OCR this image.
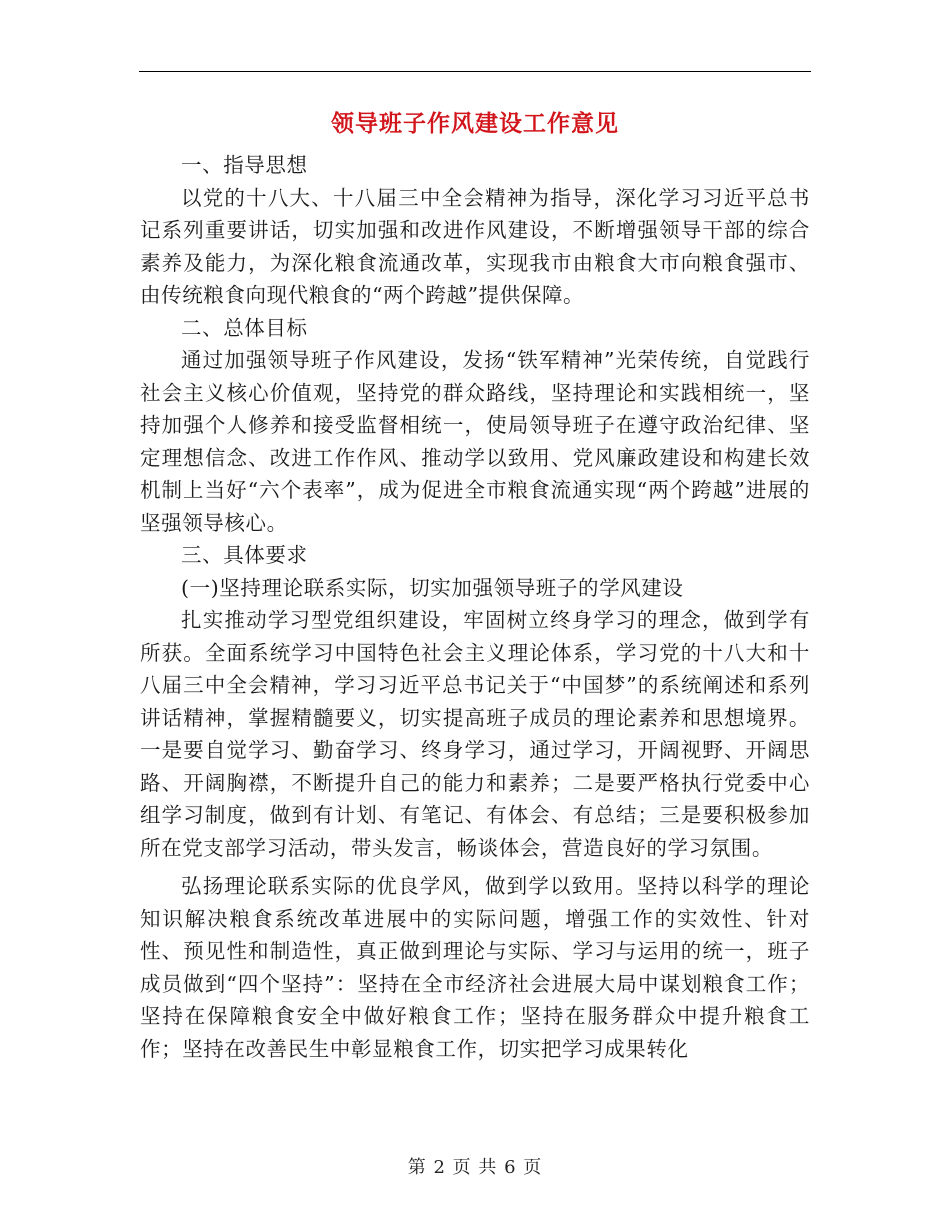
领导班子作风建设工作意见

一、指导思想

以党的十八大、十八届三中全会精神为指导，深化学习习近平总书记系列重要讲话，切实加强和改进作风建设，不断增强领导干部的综合素养及能力，为深化粮食流通改革，实现我市由粮食大市向粮食强市、由传统粮食向现代粮食的“两个跨越”提供保障。

二、总体目标

通过加强领导班子作风建设，发扬“铁军精神”光荣传统，自觉践行社会主义核心价值观，坚持党的群众路线，坚持理论和实践相统一，坚持加强个人修养和接受监督相统一，使局领导班子在遵守政治纪律、坚定理想信念、改进工作作风、推动学以致用、党风廉政建设和构建长效机制上当好“六个表率”，成为促进全市粮食流通实现“两个跨越”进展的坚强领导核心。

三、具体要求

(一)坚持理论联系实际，切实加强领导班子的学风建设

扎实推动学习型党组织建设，牢固树立终身学习的理念，做到学有所获。全面系统学习中国特色社会主义理论体系，学习党的十八大和十八届三中全会精神，学习习近平总书记关于“中国梦”的系统阐述和系列讲话精神，掌握精髓要义，切实提高班子成员的理论素养和思想境界。一是要自觉学习、勤奋学习、终身学习，通过学习，开阔视野、开阔思路、开阔胸襟，不断提升自己的能力和素养；二是要严格执行党委中心组学习制度，做到有计划、有笔记、有体会、有总结；三是要积极参加所在党支部学习活动，带头发言，畅谈体会，营造良好的学习氛围。

弘扬理论联系实际的优良学风，做到学以致用。坚持以科学的理论知识解决粮食系统改革进展中的实际问题，增强工作的实效性、针对性、预见性和制造性，真正做到理论与实际、学习与运用的统一，班子成员做到“四个坚持”：坚持在全市经济社会进展大局中谋划粮食工作；坚持在保障粮食安全中做好粮食工作；坚持在服务群众中提升粮食工作；坚持在改善民生中彰显粮食工作，切实把学习成果转化

第 2 页 共 6 页
